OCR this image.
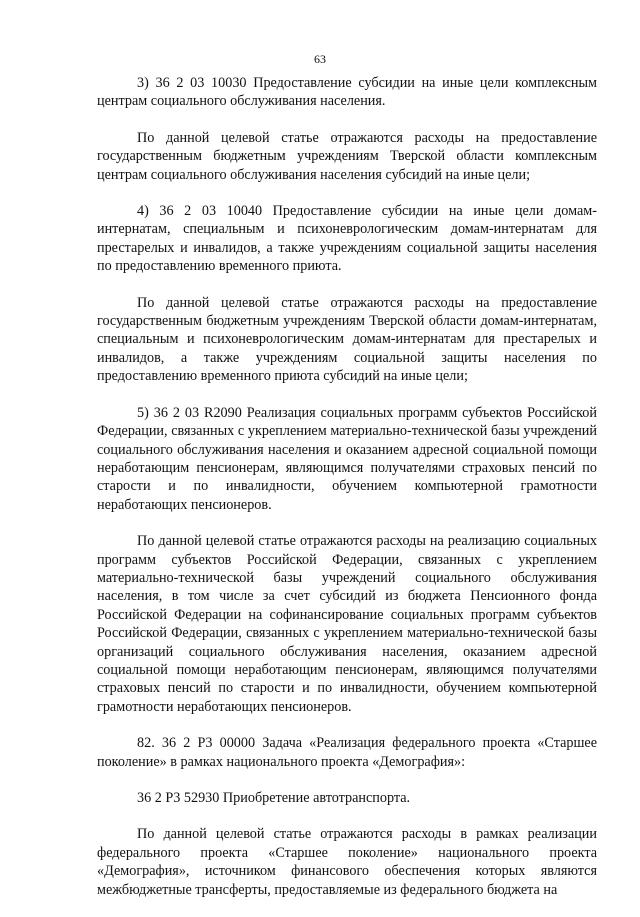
63

3) 36 2 03 10030 Предоставление субсидии на иные цели комплексным центрам социального обслуживания населения.

По данной целевой статье отражаются расходы на предоставление государственным бюджетным учреждениям Тверской области комплексным центрам социального обслуживания населения субсидий на иные цели;

4) 36 2 03 10040 Предоставление субсидии на иные цели домам-интернатам, специальным и психоневрологическим домам-интернатам для престарелых и инвалидов, а также учреждениям социальной защиты населения по предоставлению временного приюта.

По данной целевой статье отражаются расходы на предоставление государственным бюджетным учреждениям Тверской области домам-интернатам, специальным и психоневрологическим домам-интернатам для престарелых и инвалидов, а также учреждениям социальной защиты населения по предоставлению временного приюта субсидий на иные цели;

5) 36 2 03 R2090 Реализация социальных программ субъектов Российской Федерации, связанных с укреплением материально-технической базы учреждений социального обслуживания населения и оказанием адресной социальной помощи неработающим пенсионерам, являющимся получателями страховых пенсий по старости и по инвалидности, обучением компьютерной грамотности неработающих пенсионеров.

По данной целевой статье отражаются расходы на реализацию социальных программ субъектов Российской Федерации, связанных с укреплением материально-технической базы учреждений социального обслуживания населения, в том числе за счет субсидий из бюджета Пенсионного фонда Российской Федерации на софинансирование социальных программ субъектов Российской Федерации, связанных с укреплением материально-технической базы организаций социального обслуживания населения, оказанием адресной социальной помощи неработающим пенсионерам, являющимся получателями страховых пенсий по старости и по инвалидности, обучением компьютерной грамотности неработающих пенсионеров.

82. 36 2 P3 00000 Задача «Реализация федерального проекта «Старшее поколение» в рамках национального проекта «Демография»:

36 2 P3 52930 Приобретение автотранспорта.

По данной целевой статье отражаются расходы в рамках реализации федерального проекта «Старшее поколение» национального проекта «Демография», источником финансового обеспечения которых являются межбюджетные трансферты, предоставляемые из федерального бюджета на
